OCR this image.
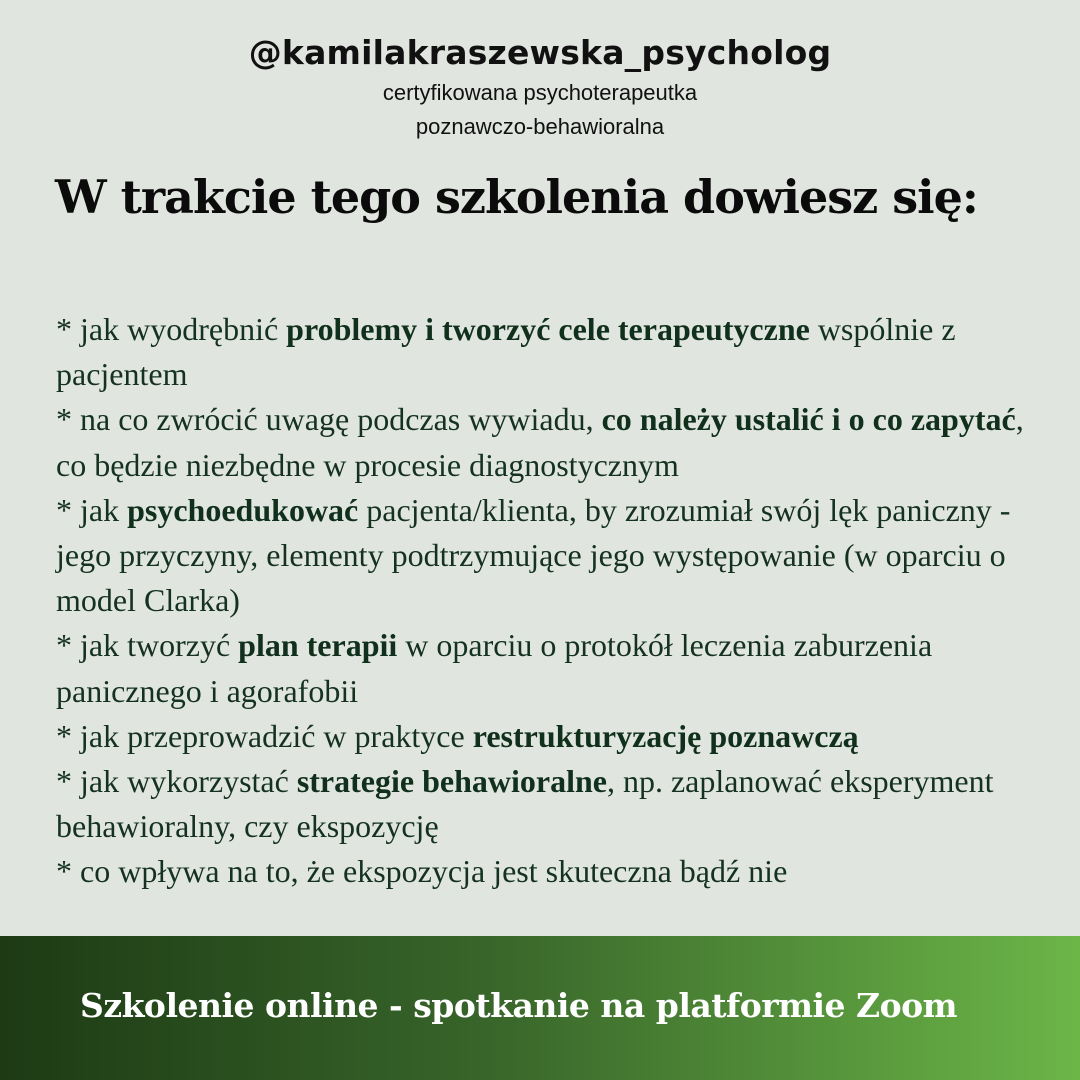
@kamilakraszewska_psycholog
certyfikowana psychoterapeutka
poznawczo-behawioralna
W trakcie tego szkolenia dowiesz się:

* jak wyodrębnić problemy i tworzyć cele terapeutyczne wspólnie z pacjentem

* na co zwrócić uwagę podczas wywiadu, co należy ustalić i o co zapytać, co będzie niezbędne w procesie diagnostycznym

* jak psychoedukować pacjenta/klienta, by zrozumiał swój lęk paniczny - jego przyczyny, elementy podtrzymujące jego występowanie (w oparciu o model Clarka)

* jak tworzyć plan terapii w oparciu o protokół leczenia zaburzenia panicznego i agorafobii

* jak przeprowadzić w praktyce restrukturyzację poznawczą

* jak wykorzystać strategie behawioralne, np. zaplanować eksperyment behawioralny, czy ekspozycję

* co wpływa na to, że ekspozycja jest skuteczna bądź nie

Szkolenie online - spotkanie na platformie Zoom
